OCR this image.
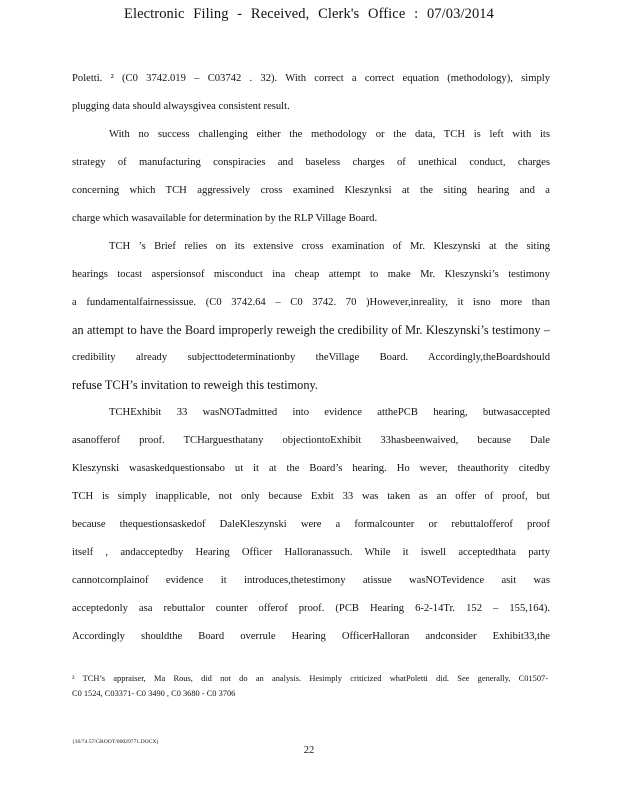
Electronic Filing - Received, Clerk's Office : 07/03/2014
Poletti. ² (C0 3742.019 – C03742 . 32). With correct a correct equation (methodology), simply
plugging data should alwaysgivea consistent result.
With no success challenging either the methodology or the data, TCH is left with its
strategy of manufacturing conspiracies and baseless charges of unethical conduct, charges
concerning which TCH aggressively cross examined Kleszynksi at the siting hearing and a
charge which wasavailable for determination by the RLP Village Board.
TCH ’s Brief relies on its extensive cross examination of Mr. Kleszynski at the siting
hearings tocast aspersionsof misconduct ina cheap attempt to make Mr. Kleszynski’s testimony
a fundamentalfairnessissue. (C0 3742.64 – C0 3742. 70 )However,inreality, it isno more than
an attempt to have the Board improperly reweigh the credibility of Mr. Kleszynski’s testimony –
credibility already subjecttodeterminationby theVillage Board. Accordingly,theBoardshould
refuse TCH’s invitation to reweigh this testimony.
TCHExhibit 33 wasNOTadmitted into evidence atthePCB hearing, butwasaccepted
asanofferof proof. TCHarguesthatany objectiontoExhibit 33hasbeenwaived, because Dale
Kleszynski wasaskedquestionsabo ut it at the Board’s hearing. Ho wever, theauthority citedby
TCH is simply inapplicable, not only because Exbit 33 was taken as an offer of proof, but
because thequestionsaskedof DaleKleszynski were a formalcounter or rebuttalofferof proof
itself , andacceptedby Hearing Officer Halloranassuch. While it iswell acceptedthata party
cannotcomplainof evidence it introduces,thetestimony atissue wasNOTevidence asit was
acceptedonly asa rebuttalor counter offerof proof. (PCB Hearing 6-2-14Tr. 152 – 155,164).
Accordingly shouldthe Board overrule Hearing OfficerHalloran andconsider Exhibit33,the
² TCH’s appraiser, Ma Rous, did not do an analysis. Hesimply criticized whatPoletti did. See generally, C01507-
C0 1524, C03371- C0 3490 , C0 3680 - C0 3706
{36/74.57/GROOT/00029771.DOCX}
22
